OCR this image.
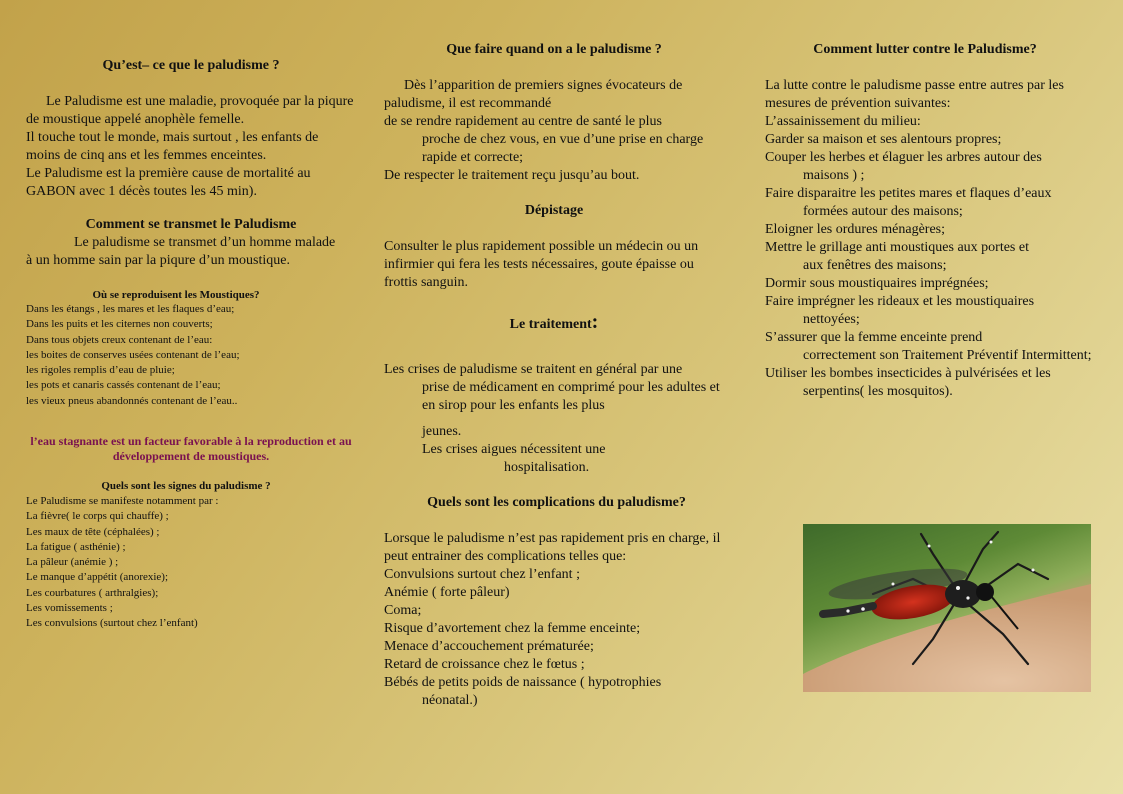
Qu’est– ce que le paludisme ?

Le Paludisme est une maladie, provoquée par la piqure de moustique appelé anophèle femelle.

Il touche tout le monde, mais surtout , les enfants de moins de cinq ans et les femmes enceintes.

Le Paludisme est la première cause de mortalité au GABON avec 1 décès toutes les 45 min).

Comment se transmet le Paludisme

Le paludisme se transmet d’un homme malade à un homme sain par la piqure d’un moustique.

Où se reproduisent les Moustiques?

Dans les étangs , les mares et les flaques d’eau;

Dans les puits et les citernes non couverts;

Dans tous objets creux contenant de l’eau:

les boites de conserves usées contenant de l’eau;

les rigoles remplis d’eau de pluie;

les pots et canaris cassés contenant de l’eau;

les vieux pneus abandonnés contenant de l’eau..

l’eau stagnante est un facteur favorable à la reproduction et au développement de moustiques.

Quels sont les signes du paludisme ?

Le Paludisme se manifeste notamment par :

La fièvre( le corps qui chauffe) ;

Les maux de tête (céphalées) ;

La fatigue ( asthénie) ;

La pâleur (anémie ) ;

Le manque d’appétit (anorexie);

Les courbatures ( arthralgies);

Les vomissements ;

Les convulsions (surtout chez l’enfant)

Que faire quand on a le paludisme ?

Dès l’apparition de premiers signes évocateurs de paludisme, il est recommandé

de se rendre rapidement au centre de santé le plus

proche de chez vous, en vue d’une prise en charge rapide et correcte;

De respecter le traitement reçu jusqu’au bout.

Dépistage

Consulter le plus rapidement possible un médecin ou un infirmier qui fera les tests nécessaires, goute épaisse ou frottis sanguin.

Le traitement:

Les crises de paludisme se traitent en général par une

prise de médicament en comprimé pour les adultes et en sirop pour les enfants les plus

jeunes.

Les crises aigues nécessitent une

hospitalisation.

Quels sont les complications du paludisme?

Lorsque le paludisme n’est pas rapidement pris en charge, il peut entrainer des complications telles que:

Convulsions surtout chez l’enfant ;

Anémie ( forte pâleur)

Coma;

Risque d’avortement chez la femme enceinte;

Menace d’accouchement prématurée;

Retard de croissance chez le fœtus ;

Bébés de petits poids de naissance ( hypotrophies

néonatal.)

Comment lutter contre le Paludisme?

La lutte contre le paludisme passe entre autres par les mesures de prévention suivantes:

L’assainissement du milieu:

Garder sa maison et ses alentours propres;

Couper les herbes et élaguer les arbres autour des

maisons ) ;

Faire disparaitre les petites mares et flaques d’eaux

formées autour des maisons;

Eloigner les ordures ménagères;

Mettre le grillage anti moustiques aux portes et

aux fenêtres des maisons;

Dormir sous moustiquaires imprégnées;

Faire imprégner les rideaux et les moustiquaires

nettoyées;

S’assurer que la femme enceinte prend

correctement son Traitement Préventif Intermittent;

Utiliser les bombes insecticides à pulvérisées et les

serpentins( les mosquitos).
